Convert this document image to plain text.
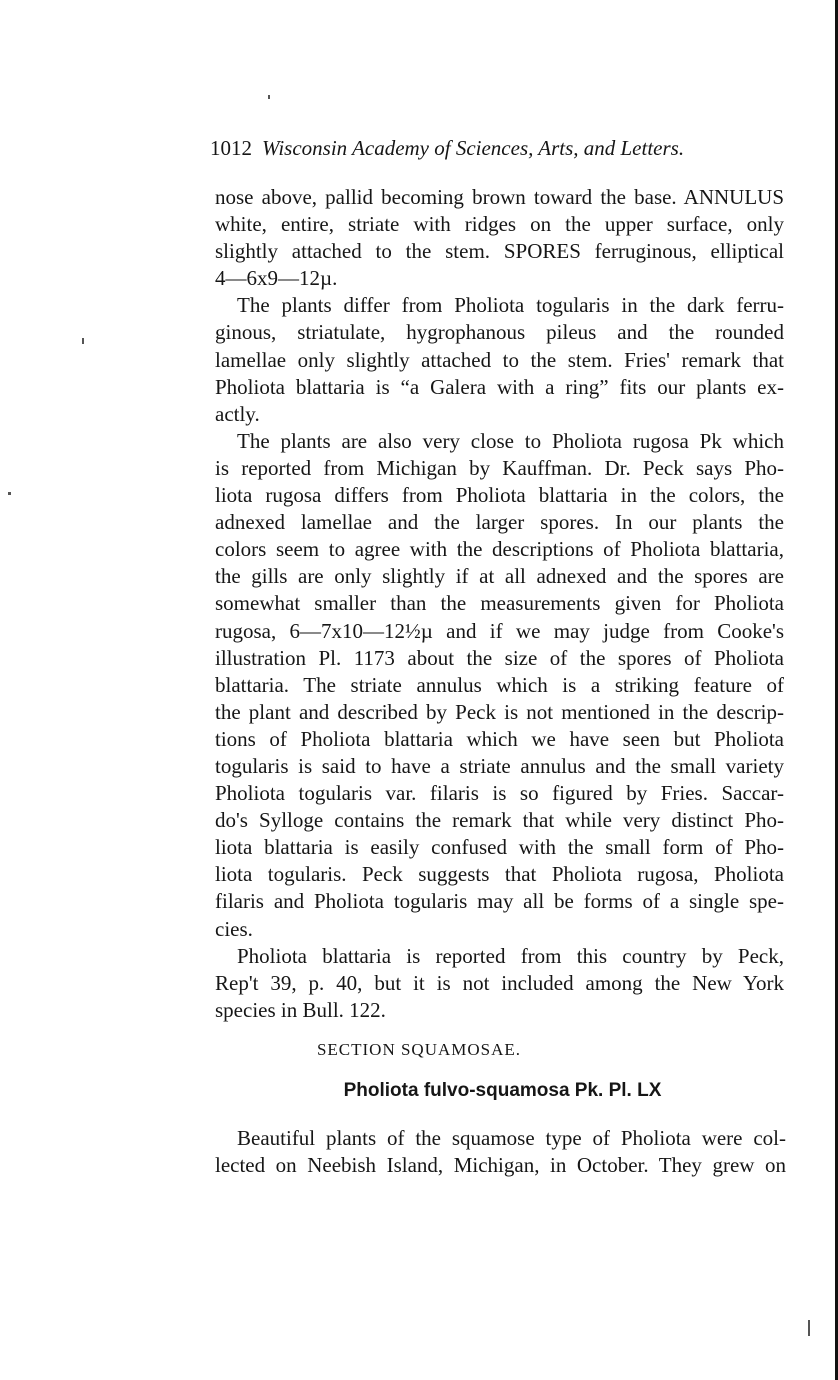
1012 Wisconsin Academy of Sciences, Arts, and Letters.
nose above, pallid becoming brown toward the base. ANNULUS
white, entire, striate with ridges on the upper surface, only
slightly attached to the stem. SPORES ferruginous, elliptical
4—6x9—12µ.
The plants differ from Pholiota togularis in the dark ferru-
ginous, striatulate, hygrophanous pileus and the rounded
lamellae only slightly attached to the stem. Fries' remark that
Pholiota blattaria is “a Galera with a ring” fits our plants ex-
actly.
The plants are also very close to Pholiota rugosa Pk which
is reported from Michigan by Kauffman. Dr. Peck says Pho-
liota rugosa differs from Pholiota blattaria in the colors, the
adnexed lamellae and the larger spores. In our plants the
colors seem to agree with the descriptions of Pholiota blattaria,
the gills are only slightly if at all adnexed and the spores are
somewhat smaller than the measurements given for Pholiota
rugosa, 6—7x10—12½µ and if we may judge from Cooke's
illustration Pl. 1173 about the size of the spores of Pholiota
blattaria. The striate annulus which is a striking feature of
the plant and described by Peck is not mentioned in the descrip-
tions of Pholiota blattaria which we have seen but Pholiota
togularis is said to have a striate annulus and the small variety
Pholiota togularis var. filaris is so figured by Fries. Saccar-
do's Sylloge contains the remark that while very distinct Pho-
liota blattaria is easily confused with the small form of Pho-
liota togularis. Peck suggests that Pholiota rugosa, Pholiota
filaris and Pholiota togularis may all be forms of a single spe-
cies.
Pholiota blattaria is reported from this country by Peck,
Rep't 39, p. 40, but it is not included among the New York
species in Bull. 122.
SECTION SQUAMOSAE.
Pholiota fulvo-squamosa Pk. Pl. LX
Beautiful plants of the squamose type of Pholiota were col-
lected on Neebish Island, Michigan, in October. They grew on
